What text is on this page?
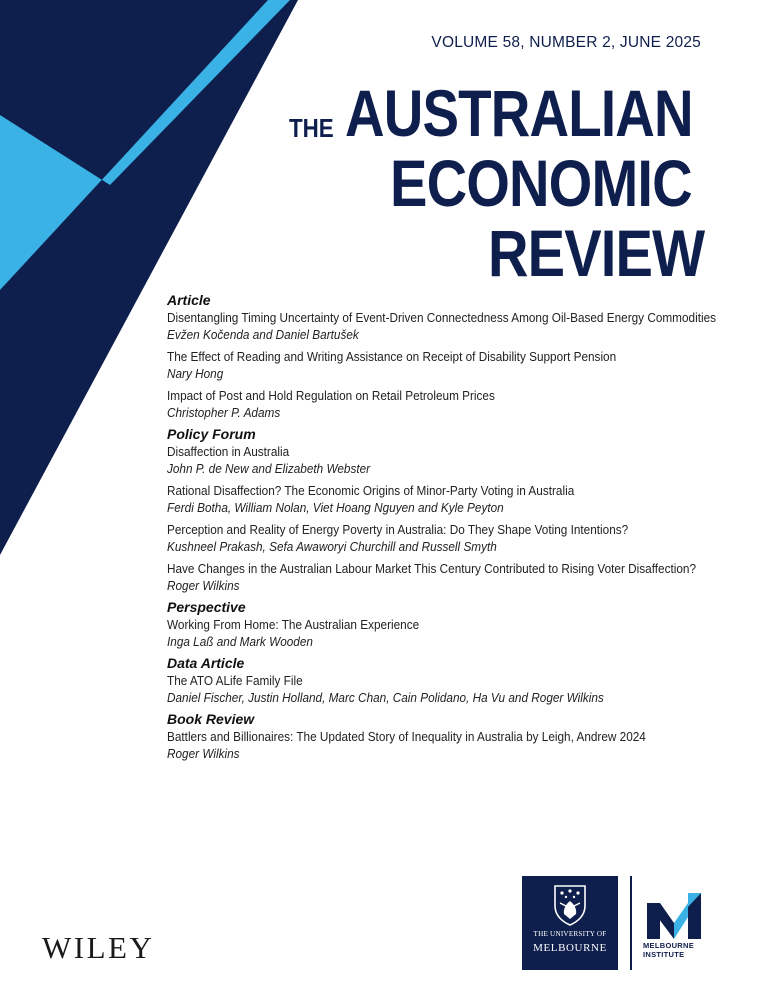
VOLUME 58, NUMBER 2, JUNE 2025
THE AUSTRALIAN
ECONOMIC
REVIEW

Article

Disentangling Timing Uncertainty of Event-Driven Connectedness Among Oil-Based Energy Commodities

Evžen Kočenda and Daniel Bartušek

The Effect of Reading and Writing Assistance on Receipt of Disability Support Pension

Nary Hong

Impact of Post and Hold Regulation on Retail Petroleum Prices

Christopher P. Adams

Policy Forum

Disaffection in Australia

John P. de New and Elizabeth Webster

Rational Disaffection? The Economic Origins of Minor-Party Voting in Australia

Ferdi Botha, William Nolan, Viet Hoang Nguyen and Kyle Peyton

Perception and Reality of Energy Poverty in Australia: Do They Shape Voting Intentions?

Kushneel Prakash, Sefa Awaworyi Churchill and Russell Smyth

Have Changes in the Australian Labour Market This Century Contributed to Rising Voter Disaffection?

Roger Wilkins

Perspective

Working From Home: The Australian Experience

Inga Laß and Mark Wooden

Data Article

The ATO ALife Family File

Daniel Fischer, Justin Holland, Marc Chan, Cain Polidano, Ha Vu and Roger Wilkins

Book Review

Battlers and Billionaires: The Updated Story of Inequality in Australia by Leigh, Andrew 2024

Roger Wilkins

WILEY	THE UNIVERSITY OF
MELBOURNE	MELBOURNE
INSTITUTE
